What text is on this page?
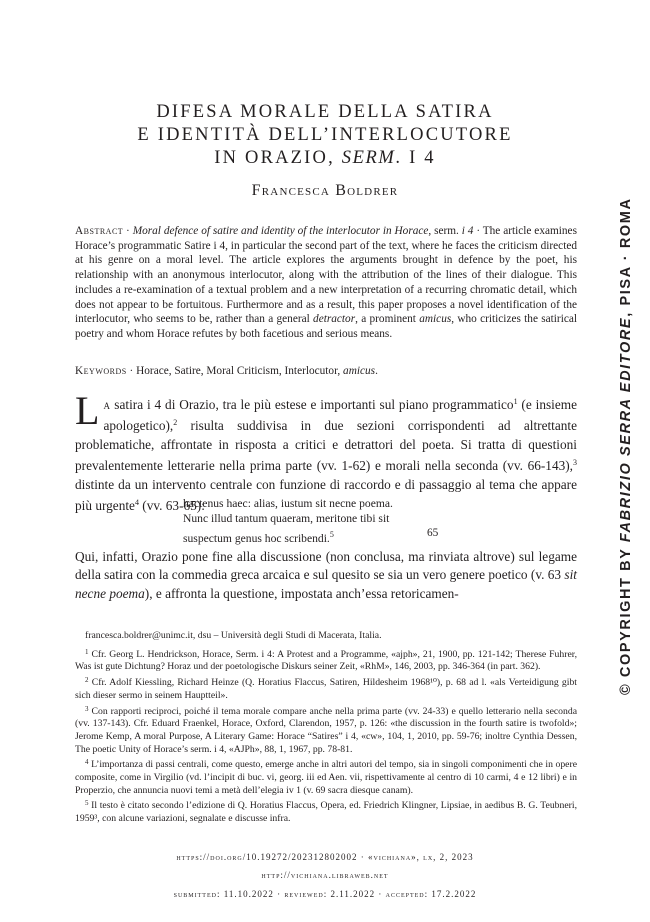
DIFESA MORALE DELLA SATIRA
E IDENTITÀ DELL’INTERLOCUTORE
IN ORAZIO, SERM. I 4
Francesca Boldrer
Abstract · Moral defence of satire and identity of the interlocutor in Horace, serm. i 4 · The article examines Horace’s programmatic Satire i 4, in particular the second part of the text, where he faces the criticism directed at his genre on a moral level. The article explores the arguments brought in defence by the poet, his relationship with an anonymous interlocutor, along with the attribution of the lines of their dialogue. This includes a re-examination of a textual problem and a new interpretation of a recurring chromatic detail, which does not appear to be fortuitous. Furthermore and as a result, this paper proposes a novel identification of the interlocutor, who seems to be, rather than a general detractor, a prominent amicus, who criticizes the satirical poetry and whom Horace refutes by both facetious and serious means.
Keywords · Horace, Satire, Moral Criticism, Interlocutor, amicus.
La satira i 4 di Orazio, tra le più estese e importanti sul piano programmatico$^1$ (e insieme apologetico),$^2$ risulta suddivisa in due sezioni corrispondenti ad altrettante problematiche, affrontate in risposta a critici e detrattori del poeta. Si tratta di questioni prevalentemente letterarie nella prima parte (vv. 1-62) e morali nella seconda (vv. 66-143),$^3$ distinte da un intervento centrale con funzione di raccordo e di passaggio al tema che appare più urgente$^4$ (vv. 63-65):
hactenus haec: alias, iustum sit necne poema.
Nunc illud tantum quaeram, meritone tibi sit
suspectum genus hoc scribendi.$^5$	65
Qui, infatti, Orazio pone fine alla discussione (non conclusa, ma rinviata altrove) sul legame della satira con la commedia greca arcaica e sul quesito se sia un vero genere poetico (v. 63 sit necne poema), e affronta la questione, impostata anch’essa retoricamen-

francesca.boldrer@unimc.it, dsu – Università degli Studi di Macerata, Italia.

$^1$ Cfr. Georg L. Hendrickson, Horace, Serm. i 4: A Protest and a Programme, «ajph», 21, 1900, pp. 121-142; Therese Fuhrer, Was ist gute Dichtung? Horaz und der poetologische Diskurs seiner Zeit, «RhM», 146, 2003, pp. 346-364 (in part. 362).

$^2$ Cfr. Adolf Kiessling, Richard Heinze (Q. Horatius Flaccus, Satiren, Hildesheim 1968¹⁰), p. 68 ad l. «als Verteidigung gibt sich dieser sermo in seinem Hauptteil».

$^3$ Con rapporti reciproci, poiché il tema morale compare anche nella prima parte (vv. 24-33) e quello letterario nella seconda (vv. 137-143). Cfr. Eduard Fraenkel, Horace, Oxford, Clarendon, 1957, p. 126: «the discussion in the fourth satire is twofold»; Jerome Kemp, A moral Purpose, A Literary Game: Horace “Satires” i 4, «cw», 104, 1, 2010, pp. 59-76; inoltre Cynthia Dessen, The poetic Unity of Horace’s serm. i 4, «AJPh», 88, 1, 1967, pp. 78-81.

$^4$ L’importanza di passi centrali, come questo, emerge anche in altri autori del tempo, sia in singoli componimenti che in opere composite, come in Virgilio (vd. l’incipit di buc. vi, georg. iii ed Aen. vii, rispettivamente al centro di 10 carmi, 4 e 12 libri) e in Properzio, che annuncia nuovi temi a metà dell’elegia iv 1 (v. 69 sacra diesque canam).

$^5$ Il testo è citato secondo l’edizione di Q. Horatius Flaccus, Opera, ed. Friedrich Klingner, Lipsiae, in aedibus B. G. Teubneri, 1959³, con alcune variazioni, segnalate e discusse infra.

https://doi.org/10.19272/202312802002 · «vichiana», lx, 2, 2023
http://vichiana.libraweb.net
submitted: 11.10.2022 · reviewed: 2.11.2022 · accepted: 17.2.2022
© COPYRIGHT BY FABRIZIO SERRA EDITORE, PISA · ROMA
